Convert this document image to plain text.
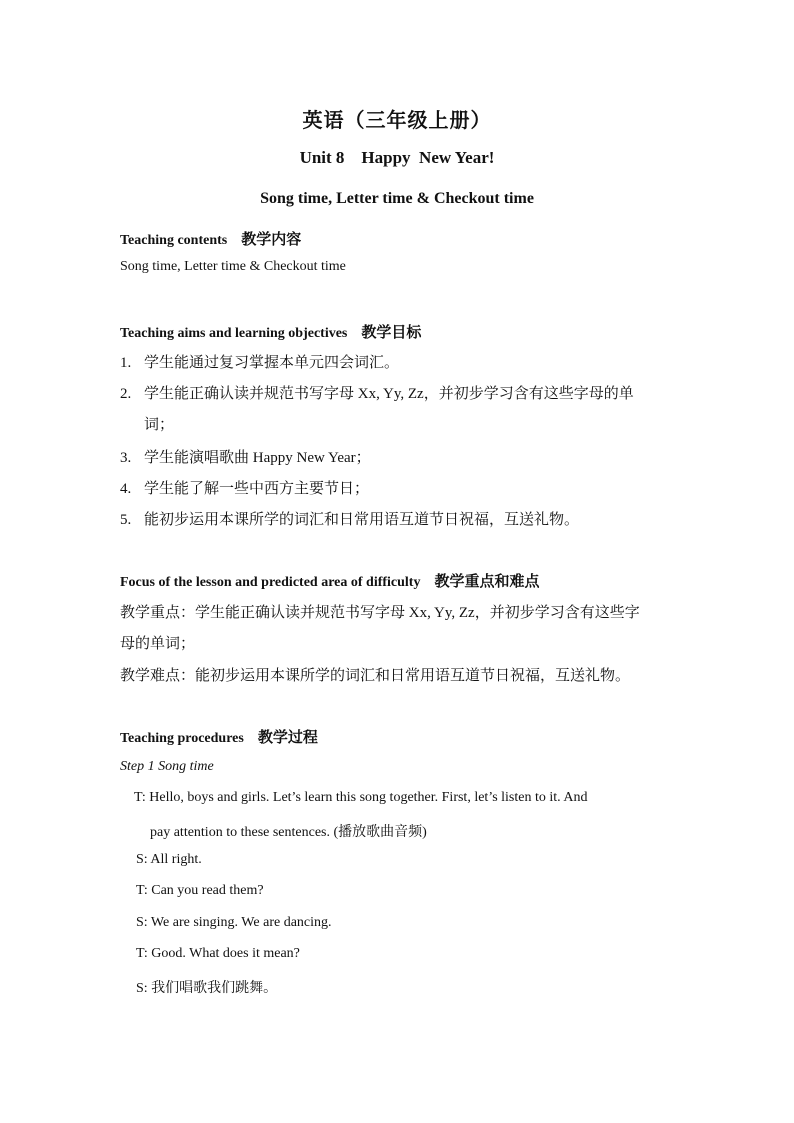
英语（三年级上册）
Unit 8    Happy  New Year!
Song time, Letter time & Checkout time
Teaching contents 教学内容
Song time, Letter time & Checkout time
Teaching aims and learning objectives 教学目标
1. 学生能通过复习掌握本单元四会词汇。
2. 学生能正确认读并规范书写字母 Xx, Yy, Zz，并初步学习含有这些字母的单
词；
3. 学生能演唱歌曲 Happy New Year；
4. 学生能了解一些中西方主要节日；
5. 能初步运用本课所学的词汇和日常用语互道节日祝福，互送礼物。
Focus of the lesson and predicted area of difficulty 教学重点和难点
教学重点：学生能正确认读并规范书写字母 Xx, Yy, Zz，并初步学习含有这些字
母的单词；
教学难点：能初步运用本课所学的词汇和日常用语互道节日祝福，互送礼物。
Teaching procedures 教学过程
Step 1 Song time
T: Hello, boys and girls. Let’s learn this song together. First, let’s listen to it. And
pay attention to these sentences. (播放歌曲音频)
S: All right.
T: Can you read them?
S: We are singing. We are dancing.
T: Good. What does it mean?
S: 我们唱歌我们跳舞。
